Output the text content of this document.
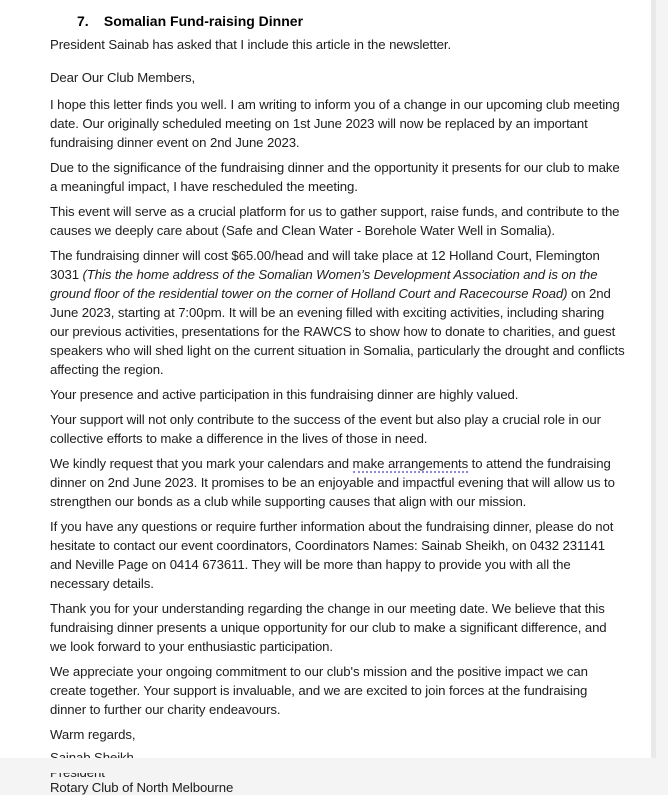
7. Somalian Fund-raising Dinner

President Sainab has asked that I include this article in the newsletter.

Dear Our Club Members,

I hope this letter finds you well. I am writing to inform you of a change in our upcoming club meeting date. Our originally scheduled meeting on 1st June 2023 will now be replaced by an important fundraising dinner event on 2nd June 2023.

Due to the significance of the fundraising dinner and the opportunity it presents for our club to make a meaningful impact, I have rescheduled the meeting.

This event will serve as a crucial platform for us to gather support, raise funds, and contribute to the causes we deeply care about (Safe and Clean Water - Borehole Water Well in Somalia).

The fundraising dinner will cost $65.00/head and will take place at 12 Holland Court, Flemington 3031 (This the home address of the Somalian Women’s Development Association and is on the ground floor of the residential tower on the corner of Holland Court and Racecourse Road) on 2nd June 2023, starting at 7:00pm. It will be an evening filled with exciting activities, including sharing our previous activities, presentations for the RAWCS to show how to donate to charities, and guest speakers who will shed light on the current situation in Somalia, particularly the drought and conflicts affecting the region.

Your presence and active participation in this fundraising dinner are highly valued.

Your support will not only contribute to the success of the event but also play a crucial role in our collective efforts to make a difference in the lives of those in need.

We kindly request that you mark your calendars and make arrangements to attend the fundraising dinner on 2nd June 2023. It promises to be an enjoyable and impactful evening that will allow us to strengthen our bonds as a club while supporting causes that align with our mission.

If you have any questions or require further information about the fundraising dinner, please do not hesitate to contact our event coordinators, Coordinators Names: Sainab Sheikh, on 0432 231141 and Neville Page on 0414 673611. They will be more than happy to provide you with all the necessary details.

Thank you for your understanding regarding the change in our meeting date. We believe that this fundraising dinner presents a unique opportunity for our club to make a significant difference, and we look forward to your enthusiastic participation.

We appreciate your ongoing commitment to our club's mission and the positive impact we can create together. Your support is invaluable, and we are excited to join forces at the fundraising dinner to further our charity endeavours.

Warm regards,

Rotary Club of North Melbourne
